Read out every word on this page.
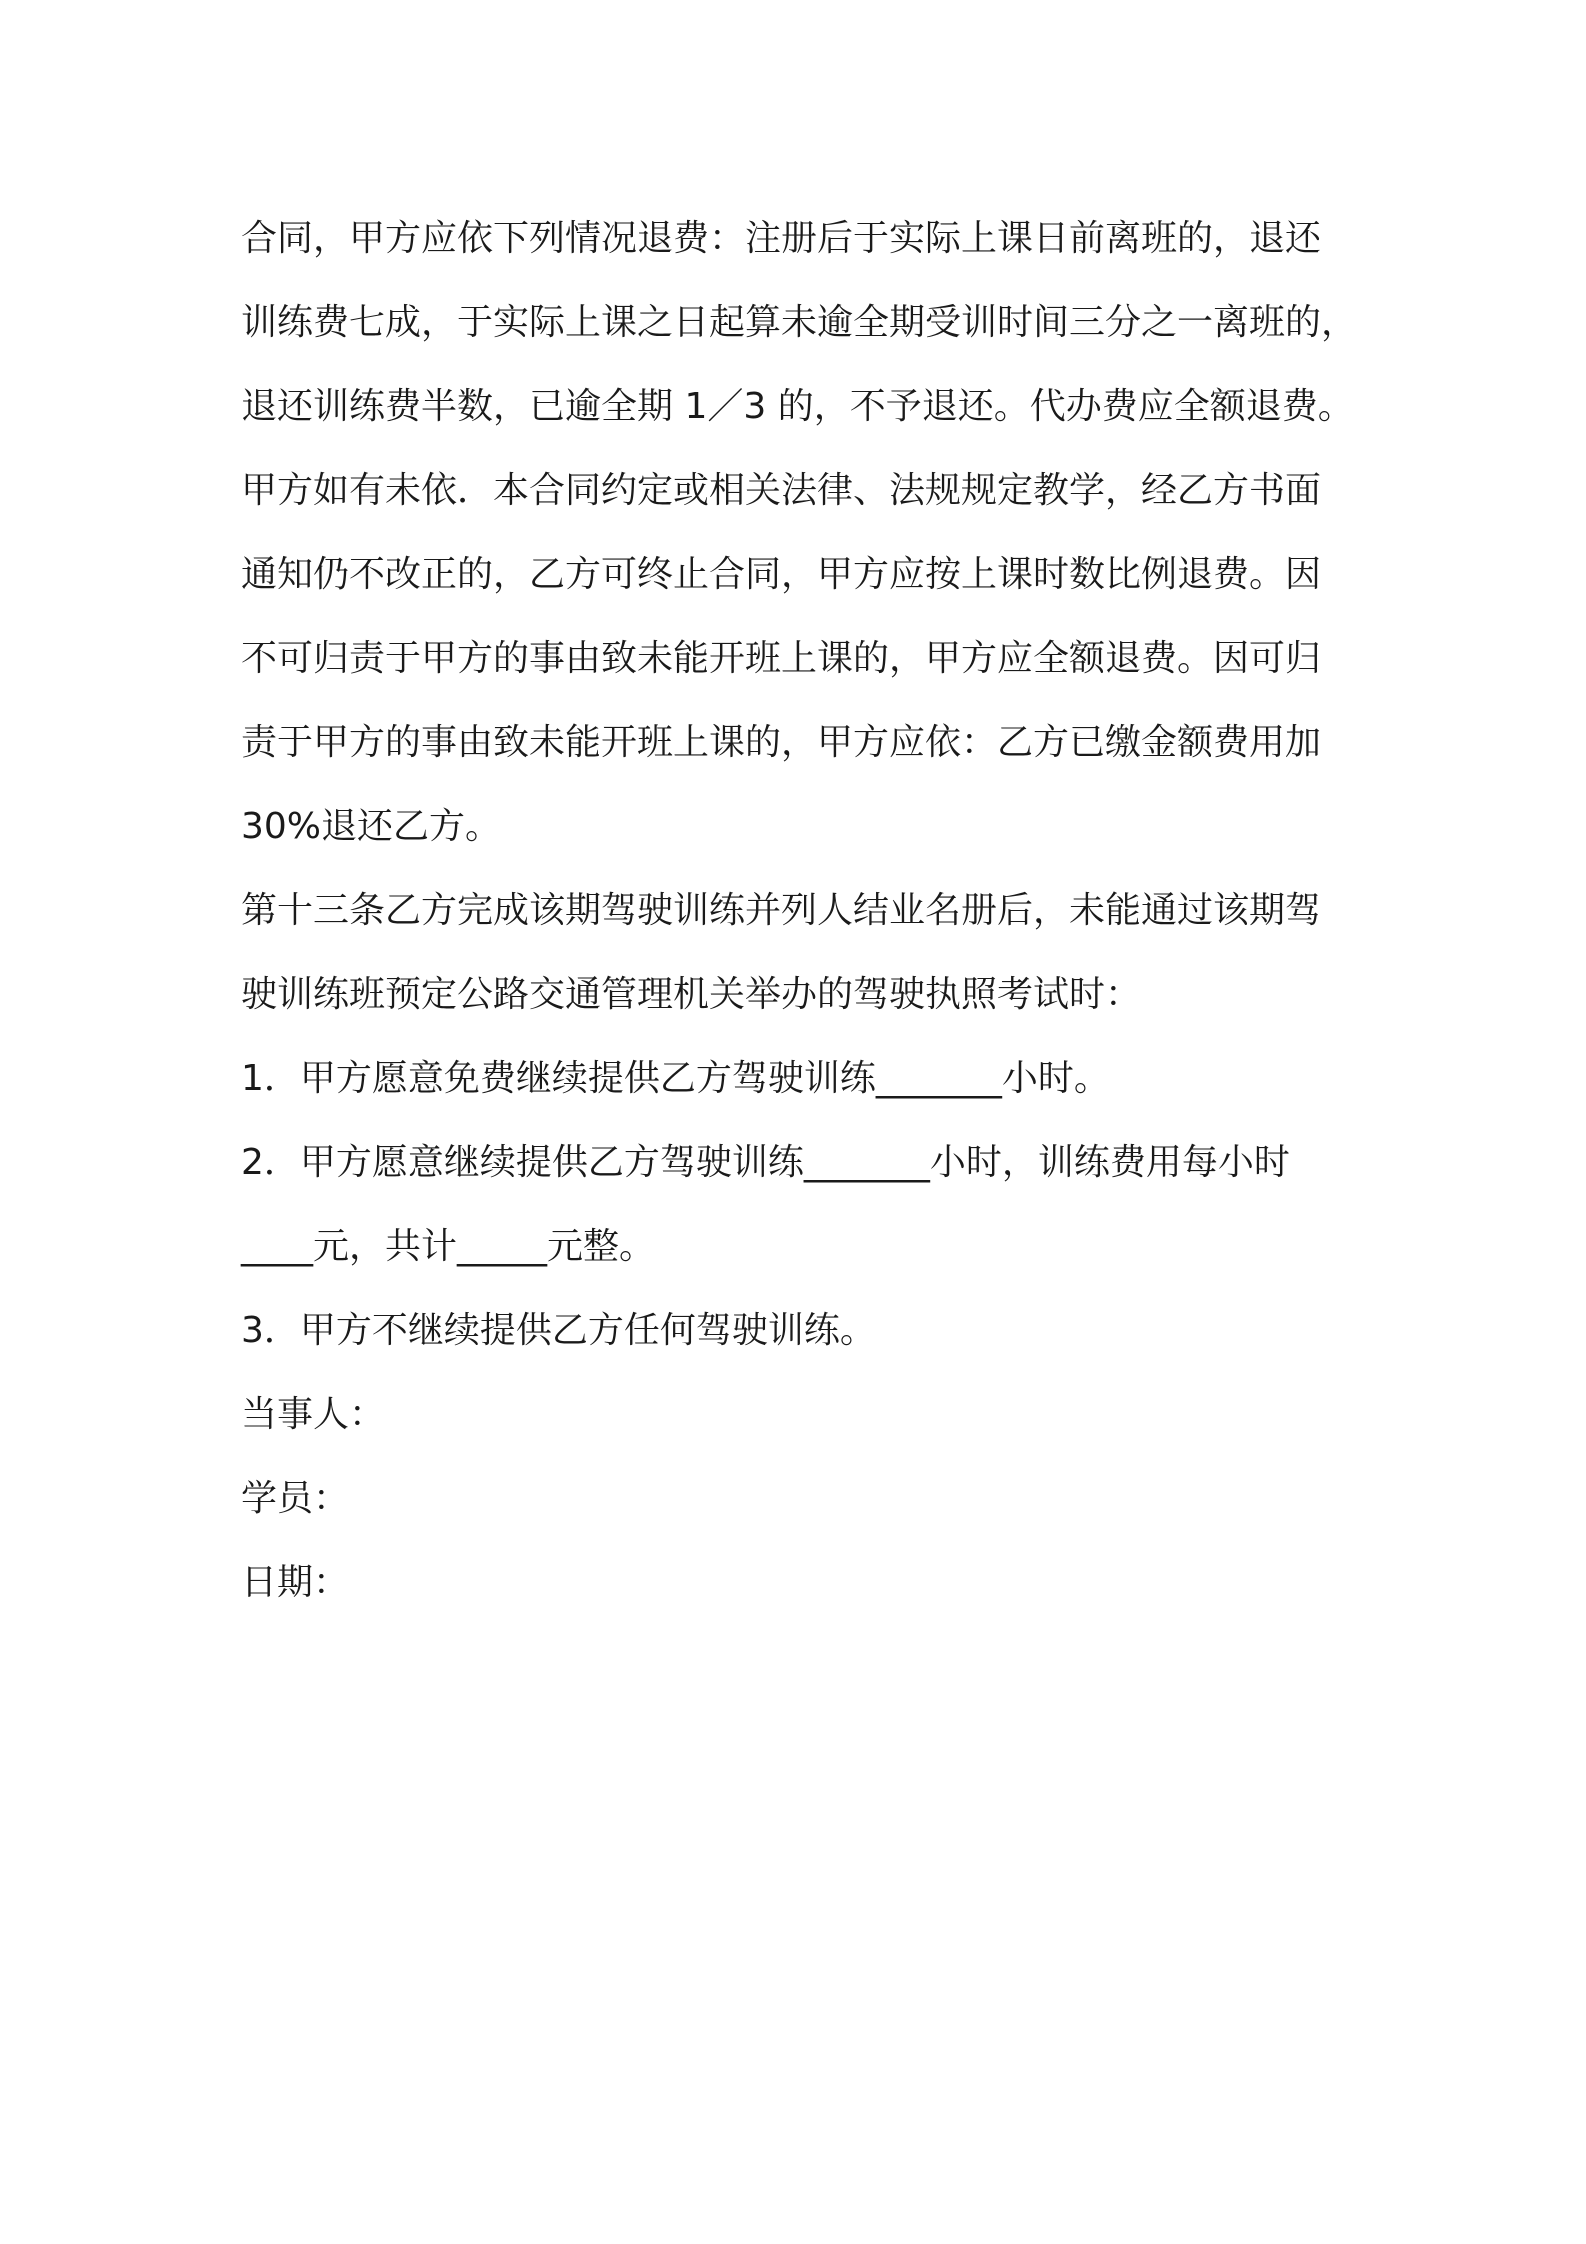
合同，甲方应依下列情况退费：注册后于实际上课日前离班的，退还
训练费七成，于实际上课之日起算未逾全期受训时间三分之一离班的，
退还训练费半数，已逾全期 1／3 的，不予退还。代办费应全额退费。
甲方如有未依．本合同约定或相关法律、法规规定教学，经乙方书面
通知仍不改正的，乙方可终止合同，甲方应按上课时数比例退费。因
不可归责于甲方的事由致未能开班上课的，甲方应全额退费。因可归
责于甲方的事由致未能开班上课的，甲方应依：乙方已缴金额费用加
30%退还乙方。
第十三条乙方完成该期驾驶训练并列人结业名册后，未能通过该期驾
驶训练班预定公路交通管理机关举办的驾驶执照考试时：
1．甲方愿意免费继续提供乙方驾驶训练_______小时。
2．甲方愿意继续提供乙方驾驶训练_______小时，训练费用每小时
____元，共计_____元整。
3．甲方不继续提供乙方任何驾驶训练。
当事人：
学员：
日期：
